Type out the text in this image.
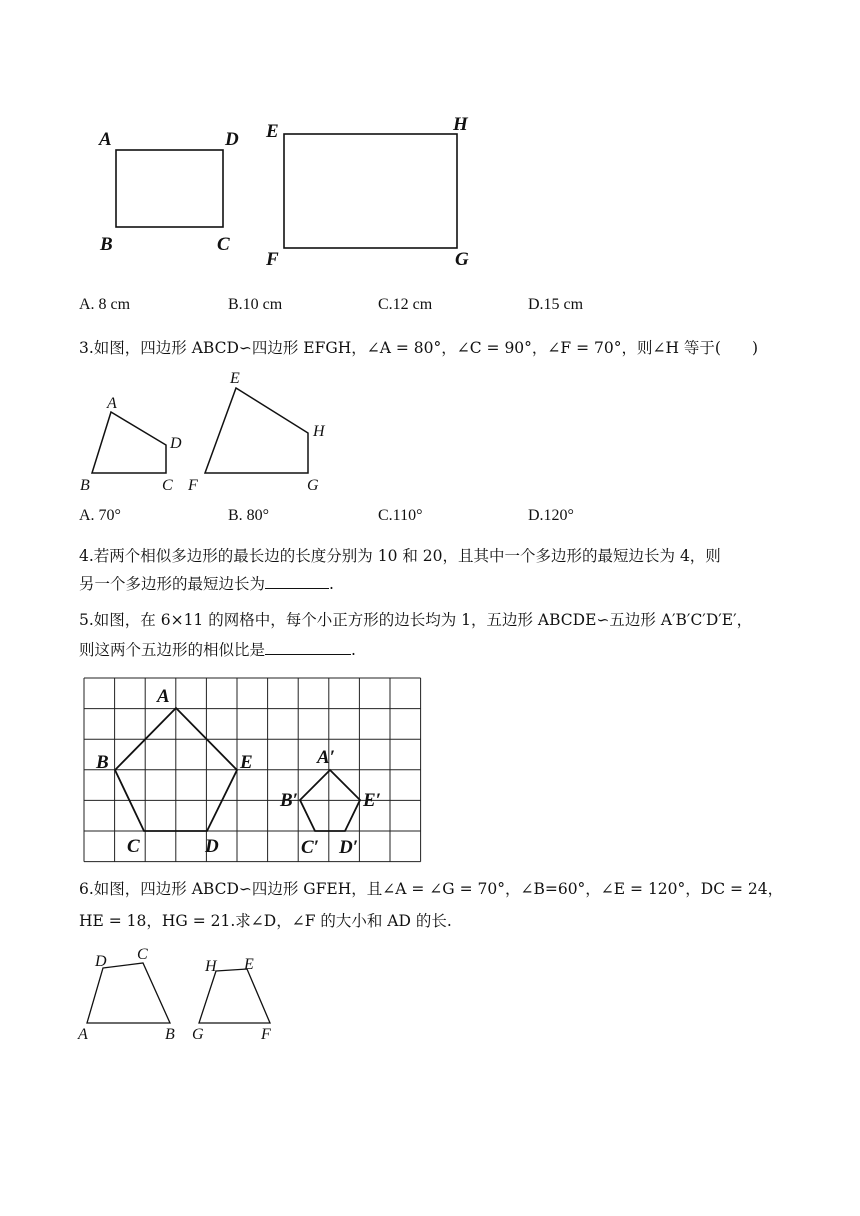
A	D
B	C
E	H
F	G
A. 8 cm	B.10 cm	C.12 cm	D.15 cm
3.如图，四边形 ABCD∽四边形 EFGH，∠A = 80°，∠C = 90°，∠F = 70°，则∠H 等于(　　)
A
D
B	C
E
H
F	G
A. 70°	B. 80°	C.110°	D.120°
4.若两个相似多边形的最长边的长度分别为 10 和 20，且其中一个多边形的最短边长为 4，则
另一个多边形的最短边长为	.
5.如图，在 6×11 的网格中，每个小正方形的边长均为 1，五边形 ABCDE∽五边形 A′B′C′D′E′，
则这两个五边形的相似比是	.
A
B	E
C	D
A′
B′	E′
C′ D′
6.如图，四边形 ABCD∽四边形 GFEH，且∠A = ∠G = 70°，∠B=60°，∠E = 120°，DC = 24，
HE = 18，HG = 21.求∠D，∠F 的大小和 AD 的长.
D C
A	B
H E
G	F
